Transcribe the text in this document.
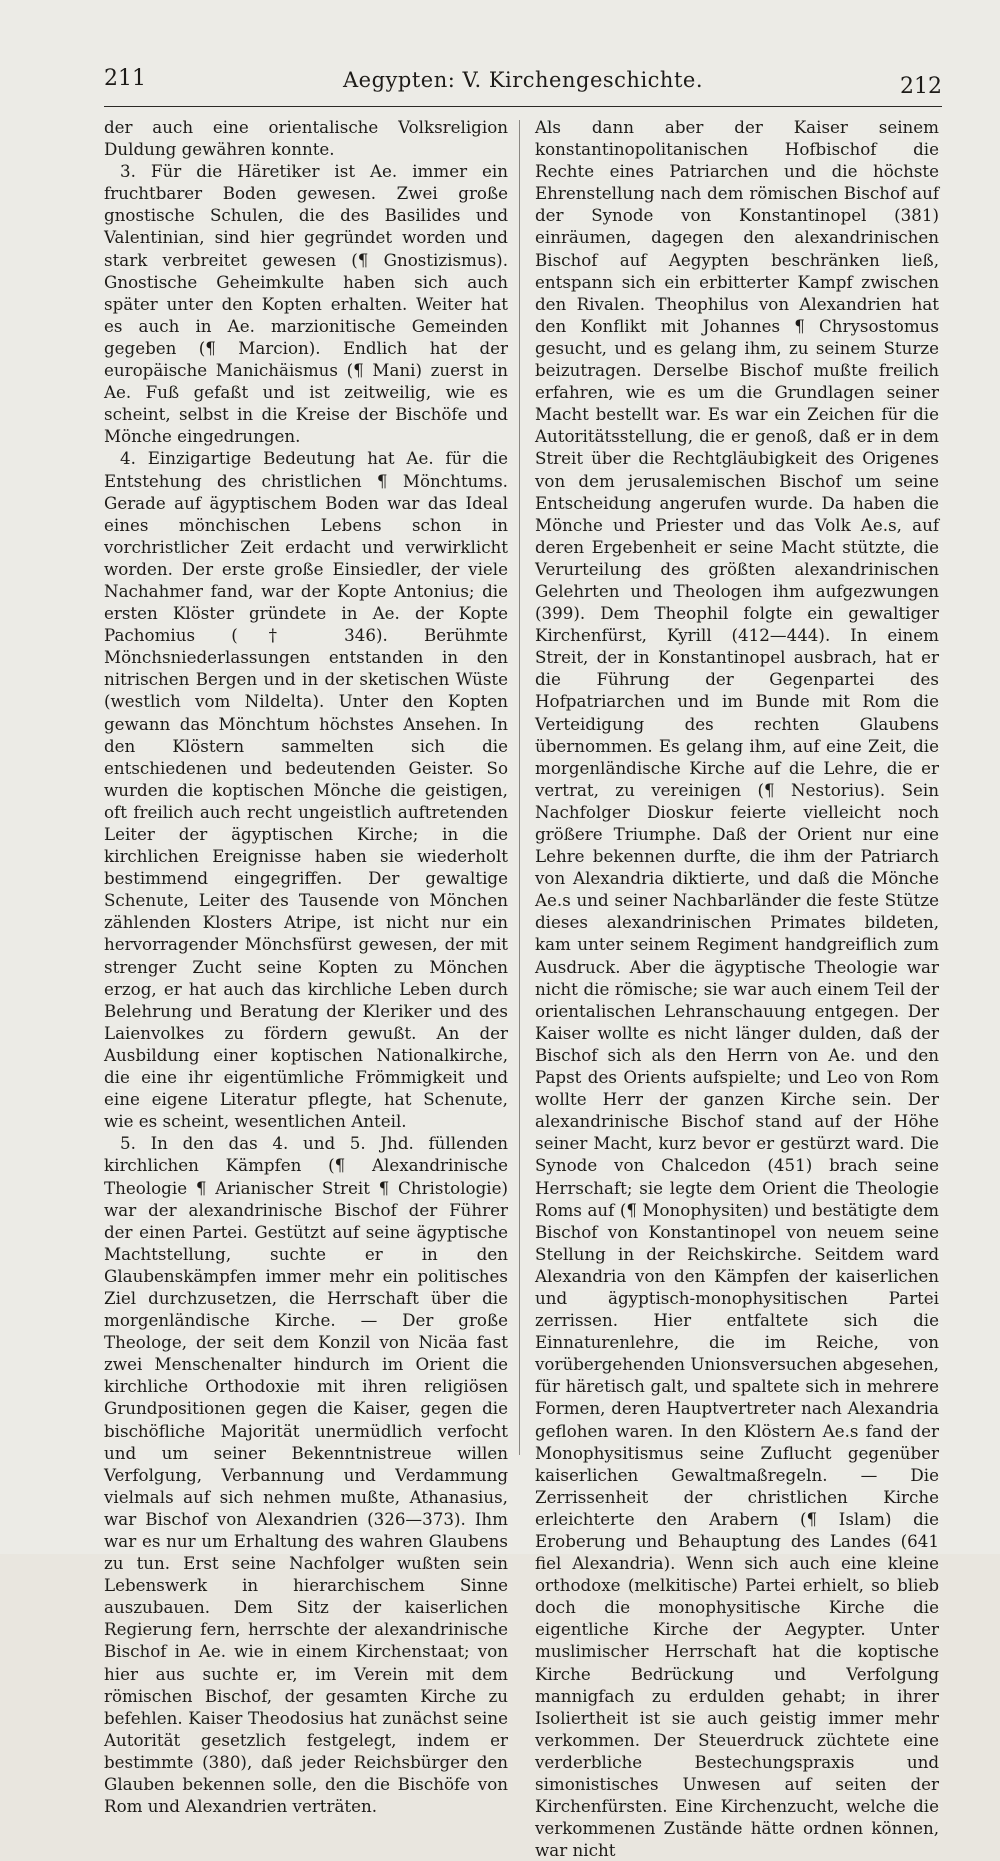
211	Aegypten: V. Kirchengeschichte.	212

der auch eine orientalische Volksreligion Duldung gewähren konnte.

3. Für die Häretiker ist Ae. immer ein fruchtbarer Boden gewesen. Zwei große gnostische Schulen, die des Basilides und Valentinian, sind hier gegründet worden und stark verbreitet gewesen (¶ Gnostizismus). Gnostische Geheimkulte haben sich auch später unter den Kopten erhalten. Weiter hat es auch in Ae. marzionitische Gemeinden gegeben (¶ Marcion). Endlich hat der europäische Manichäismus (¶ Mani) zuerst in Ae. Fuß gefaßt und ist zeitweilig, wie es scheint, selbst in die Kreise der Bischöfe und Mönche eingedrungen.

4. Einzigartige Bedeutung hat Ae. für die Entstehung des christlichen ¶ Mönchtums. Gerade auf ägyptischem Boden war das Ideal eines mönchischen Lebens schon in vorchristlicher Zeit erdacht und verwirklicht worden. Der erste große Einsiedler, der viele Nachahmer fand, war der Kopte Antonius; die ersten Klöster gründete in Ae. der Kopte Pachomius († 346). Berühmte Mönchsniederlassungen entstanden in den nitrischen Bergen und in der sketischen Wüste (westlich vom Nildelta). Unter den Kopten gewann das Mönchtum höchstes Ansehen. In den Klöstern sammelten sich die entschiedenen und bedeutenden Geister. So wurden die koptischen Mönche die geistigen, oft freilich auch recht ungeistlich auftretenden Leiter der ägyptischen Kirche; in die kirchlichen Ereignisse haben sie wiederholt bestimmend eingegriffen. Der gewaltige Schenute, Leiter des Tausende von Mönchen zählenden Klosters Atripe, ist nicht nur ein hervorragender Mönchsfürst gewesen, der mit strenger Zucht seine Kopten zu Mönchen erzog, er hat auch das kirchliche Leben durch Belehrung und Beratung der Kleriker und des Laienvolkes zu fördern gewußt. An der Ausbildung einer koptischen Nationalkirche, die eine ihr eigentümliche Frömmigkeit und eine eigene Literatur pflegte, hat Schenute, wie es scheint, wesentlichen Anteil.

5. In den das 4. und 5. Jhd. füllenden kirchlichen Kämpfen (¶ Alexandrinische Theologie ¶ Arianischer Streit ¶ Christologie) war der alexandrinische Bischof der Führer der einen Partei. Gestützt auf seine ägyptische Machtstellung, suchte er in den Glaubenskämpfen immer mehr ein politisches Ziel durchzusetzen, die Herrschaft über die morgenländische Kirche. — Der große Theologe, der seit dem Konzil von Nicäa fast zwei Menschenalter hindurch im Orient die kirchliche Orthodoxie mit ihren religiösen Grundpositionen gegen die Kaiser, gegen die bischöfliche Majorität unermüdlich verfocht und um seiner Bekenntnistreue willen Verfolgung, Verbannung und Verdammung vielmals auf sich nehmen mußte, Athanasius, war Bischof von Alexandrien (326—373). Ihm war es nur um Erhaltung des wahren Glaubens zu tun. Erst seine Nachfolger wußten sein Lebenswerk in hierarchischem Sinne auszubauen. Dem Sitz der kaiserlichen Regierung fern, herrschte der alexandrinische Bischof in Ae. wie in einem Kirchenstaat; von hier aus suchte er, im Verein mit dem römischen Bischof, der gesamten Kirche zu befehlen. Kaiser Theodosius hat zunächst seine Autorität gesetzlich festgelegt, indem er bestimmte (380), daß jeder Reichsbürger den Glauben bekennen solle, den die Bischöfe von Rom und Alexandrien verträten.

Als dann aber der Kaiser seinem konstantinopolitanischen Hofbischof die Rechte eines Patriarchen und die höchste Ehrenstellung nach dem römischen Bischof auf der Synode von Konstantinopel (381) einräumen, dagegen den alexandrinischen Bischof auf Aegypten beschränken ließ, entspann sich ein erbitterter Kampf zwischen den Rivalen. Theophilus von Alexandrien hat den Konflikt mit Johannes ¶ Chrysostomus gesucht, und es gelang ihm, zu seinem Sturze beizutragen. Derselbe Bischof mußte freilich erfahren, wie es um die Grundlagen seiner Macht bestellt war. Es war ein Zeichen für die Autoritätsstellung, die er genoß, daß er in dem Streit über die Rechtgläubigkeit des Origenes von dem jerusalemischen Bischof um seine Entscheidung angerufen wurde. Da haben die Mönche und Priester und das Volk Ae.s, auf deren Ergebenheit er seine Macht stützte, die Verurteilung des größten alexandrinischen Gelehrten und Theologen ihm aufgezwungen (399). Dem Theophil folgte ein gewaltiger Kirchenfürst, Kyrill (412—444). In einem Streit, der in Konstantinopel ausbrach, hat er die Führung der Gegenpartei des Hofpatriarchen und im Bunde mit Rom die Verteidigung des rechten Glaubens übernommen. Es gelang ihm, auf eine Zeit, die morgenländische Kirche auf die Lehre, die er vertrat, zu vereinigen (¶ Nestorius). Sein Nachfolger Dioskur feierte vielleicht noch größere Triumphe. Daß der Orient nur eine Lehre bekennen durfte, die ihm der Patriarch von Alexandria diktierte, und daß die Mönche Ae.s und seiner Nachbarländer die feste Stütze dieses alexandrinischen Primates bildeten, kam unter seinem Regiment handgreiflich zum Ausdruck. Aber die ägyptische Theologie war nicht die römische; sie war auch einem Teil der orientalischen Lehranschauung entgegen. Der Kaiser wollte es nicht länger dulden, daß der Bischof sich als den Herrn von Ae. und den Papst des Orients aufspielte; und Leo von Rom wollte Herr der ganzen Kirche sein. Der alexandrinische Bischof stand auf der Höhe seiner Macht, kurz bevor er gestürzt ward. Die Synode von Chalcedon (451) brach seine Herrschaft; sie legte dem Orient die Theologie Roms auf (¶ Monophysiten) und bestätigte dem Bischof von Konstantinopel von neuem seine Stellung in der Reichskirche. Seitdem ward Alexandria von den Kämpfen der kaiserlichen und ägyptisch-monophysitischen Partei zerrissen. Hier entfaltete sich die Einnaturenlehre, die im Reiche, von vorübergehenden Unionsversuchen abgesehen, für häretisch galt, und spaltete sich in mehrere Formen, deren Hauptvertreter nach Alexandria geflohen waren. In den Klöstern Ae.s fand der Monophysitismus seine Zuflucht gegenüber kaiserlichen Gewaltmaßregeln. — Die Zerrissenheit der christlichen Kirche erleichterte den Arabern (¶ Islam) die Eroberung und Behauptung des Landes (641 fiel Alexandria). Wenn sich auch eine kleine orthodoxe (melkitische) Partei erhielt, so blieb doch die monophysitische Kirche die eigentliche Kirche der Aegypter. Unter muslimischer Herrschaft hat die koptische Kirche Bedrückung und Verfolgung mannigfach zu erdulden gehabt; in ihrer Isoliertheit ist sie auch geistig immer mehr verkommen. Der Steuerdruck züchtete eine verderbliche Bestechungspraxis und simonistisches Unwesen auf seiten der Kirchenfürsten. Eine Kirchenzucht, welche die verkommenen Zustände hätte ordnen können, war nicht
